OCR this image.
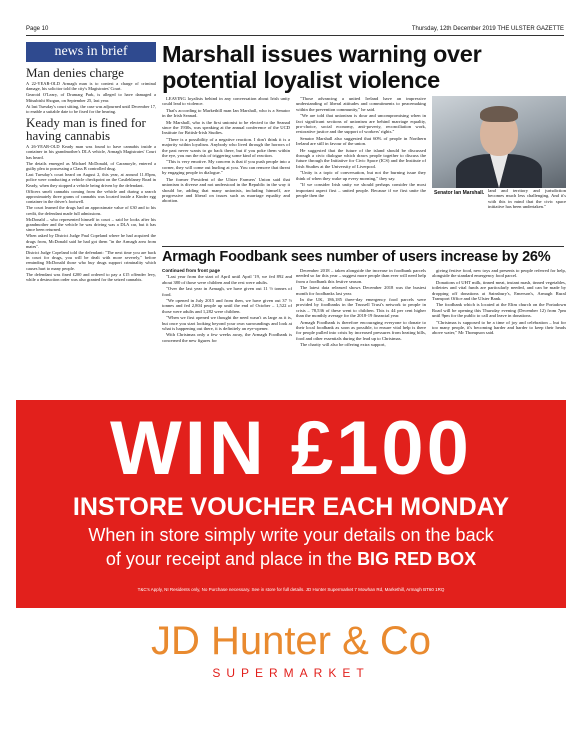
Page 10	Thursday, 12th December 2019 THE ULSTER GAZETTE
news in brief
Man denies charge

A 22-YEAR-OLD Armagh man is to contest a charge of criminal damage, his solicitor told the city's Magistrates' Court.

Gearoid O'Leary, of Drumarg Park, is alleged to have damaged a Mitsubishi Shogun, on September 25, last year.

At last Tuesday's court sitting, the case was adjourned until December 17, to enable a suitable date to be fixed for the hearing.

Keady man is fined for having cannabis

A 26-YEAR-OLD Keady man was found to have cannabis inside a container in his grandmother's DLA vehicle, Armagh Magistrates' Court has heard.

The details emerged as Michael McDonald, of Caramoyle, entered a guilty plea to possessing a Class B controlled drug.

Last Tuesday's court heard on August 2, this year, at around 11.05pm, police were conducting a vehicle checkpoint on the Castleblaney Road in Keady, when they stopped a vehicle being driven by the defendant.

Officers smelt cannabis coming from the vehicle and during a search approximately three grams of cannabis was located inside a Kinder egg container in the driver's footwell.

The court learned the drugs had an approximate value of £30 and to his credit, the defendant made full admissions.

McDonald – who represented himself in court – said he looks after his grandmother and the vehicle he was driving was a DLA car, but it has since been returned.

When asked by District Judge Paul Copeland where he had acquired the drugs from, McDonald said he had got them "in the Armagh area from mates".

District Judge Copeland told the defendant: "The next time you are back in court for drugs, you will be dealt with more severely," before reminding McDonald those who buy drugs support criminality which causes hurt to many people.

The defendant was fined £200 and ordered to pay a £15 offender levy, while a destruction order was also granted for the seized cannabis.

Marshall issues warning over potential loyalist violence

LEAVING loyalists behind in any conversation about Irish unity could lead to violence.

That's according to Markethill man Ian Marshall, who is a Senator in the Irish Seanad.

Mr Marshall, who is the first unionist to be elected to the Seanad since the 1930s, was speaking at the annual conference of the UCD Institute for British-Irish Studies.

"There is a possibility of a negative reaction. I don't think it is a majority within loyalism. Anybody who lived through the horrors of the past never wants to go back there, but if you poke them within the eye, you run the risk of triggering some kind of reaction.

"This is very emotive. My concern is that if you push people into a corner, they will come out hurling at you. You can remove that threat by engaging people in dialogue."

The former President of the Ulster Farmers' Union said that unionism is diverse and not understood in the Republic in the way it should be, adding that many unionists, including himself, are progressive and liberal on issues such as marriage equality and abortion.

"Those advancing a united Ireland have an impressive understanding of liberal attitudes and commitments to peacemaking within the prevention community," he said.

"We are told that unionism is dour and uncompromising when in fact significant sections of unionism are behind marriage equality, pro-choice, social economy, anti-poverty, reconciliation work, restorative justice and the support of workers' rights."

Senator Marshall also suggested that 60% of people in Northern Ireland are still in favour of the union.

He suggested that the future of the island should be discussed through a civic dialogue which draws people together to discuss the future through the Initiative for Civic Space (ICS) and the Institute of Irish Studies at the University of Liverpool.

"Unity is a topic of conversation, but not the burning issue they think of when they wake up every morning," they say.

"If we consider Irish unity we should perhaps consider the most important aspect first – united people. Because if we first unite the people then the	Senator Ian Marshall. land and territory and jurisdiction becomes much less challenging. And it's with this in mind that the civic space initiative has been undertaken."

Armagh Foodbank sees number of users increase by 26%

Continued from front page

"Last year from the start of April until April '19, we fed 892 and about 380 of those were children and the rest were adults.

"Over the last year in Armagh, we have given out 11 ½ tonnes of food.

"We opened in July 2015 and from then, we have given out 37 ½ tonnes and fed 2,804 people up until the end of October – 1,522 of those were adults and 1,282 were children.

"When we first opened we thought the need wasn't as large as it is, but once you start looking beyond your own surroundings and look at what is happening out there, it is definitely an eye-opener.

With Christmas only a few weeks away, the Armagh Foodbank is concerned the new figures for

December 2018 – taken alongside the increase in foodbank parcels needed so far this year – suggest more people than ever will need help from a foodbank this festive season.

The latest data released shows December 2018 was the busiest month for foodbanks last year.

In the UK, 186,185 three-day emergency food parcels were provided by foodbanks in the Trussell Trust's network to people in crisis – 78,536 of these went to children. This is 44 per cent higher than the monthly average for the 2018-19 financial year.

Armagh Foodbank is therefore encouraging everyone to donate to their local foodbank as soon as possible, to ensure vital help is there for people pulled into crisis by increased pressures from heating bills, food and other essentials during the lead up to Christmas.

The charity will also be offering extra support,

giving festive food, new toys and presents to people referred for help, alongside the standard emergency food parcel.

Donations of UHT milk, tinned meat, instant mash, tinned vegetables, toiletries and vital funds are particularly needed, and can be made by dropping off donations at Sainsbury's, Emerson's, Armagh Rural Transport Office and the Ulster Bank.

The foodbank which is located at the Elim church on the Portadown Road will be opening this Thursday evening (December 12) from 7pm until 9pm for the public to call and leave in donations.

"Christmas is supposed to be a time of joy and celebration – but for too many people, it's becoming harder and harder to keep their heads above water," Mr Thompson said.

WIN £100
INSTORE VOUCHER EACH MONDAY
When in store simply write your details on the back
of your receipt and place in the BIG RED BOX
T&C's Apply, NI Residents only, No Purchase necessary. See in store for full details. JD Hunter Supermarket 7 Mowhan Rd, Markethill, Armagh BT60 1RQ
JD Hunter & Co
SUPERMARKET
